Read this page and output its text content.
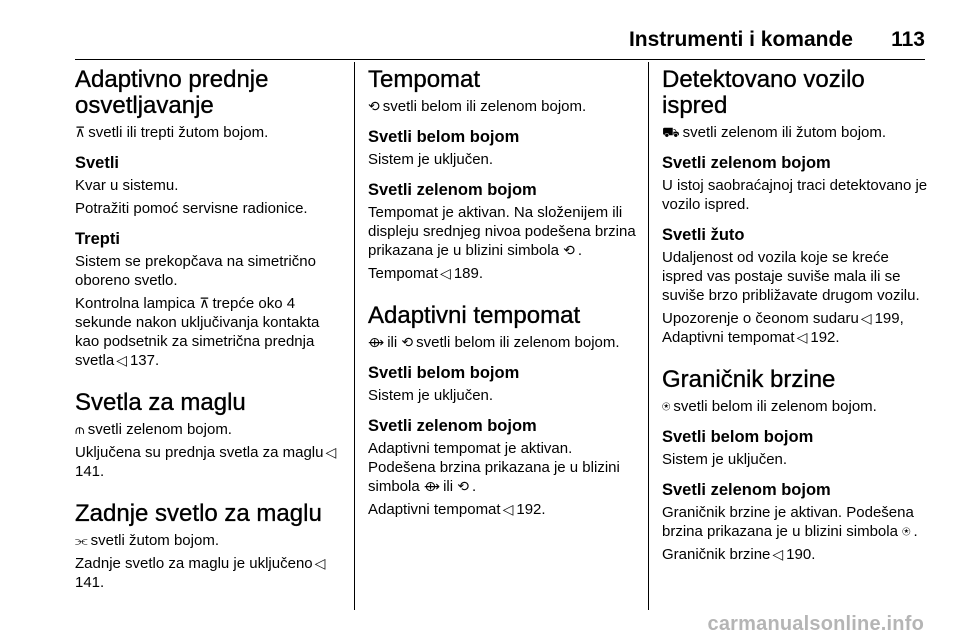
Instrumenti i komande 113
Adaptivno prednje osvetljavanje

⊼ svetli ili trepti žutom bojom.

Svetli

Kvar u sistemu.

Potražiti pomoć servisne radionice.

Trepti

Sistem se prekopčava na simetrično oboreno svetlo.

Kontrolna lampica ⊼ trepće oko 4 sekunde nakon uključivanja kontakta kao podsetnik za simetrična prednja svetla ◁ 137.

Svetla za maglu

⫙ svetli zelenom bojom.

Uključena su prednja svetla za maglu ◁141.

Zadnje svetlo za maglu

⫘ svetli žutom bojom.

Zadnje svetlo za maglu je uključeno ◁141.

Tempomat

⟲ svetli belom ili zelenom bojom.

Svetli belom bojom

Sistem je uključen.

Svetli zelenom bojom

Tempomat je aktivan. Na složenijem ili displeju srednjeg nivoa podešena brzina prikazana je u blizini simbola ⟲ .

Tempomat ◁ 189.

Adaptivni tempomat

⟴ ili ⟲ svetli belom ili zelenom bojom.

Svetli belom bojom

Sistem je uključen.

Svetli zelenom bojom

Adaptivni tempomat je aktivan. Podešena brzina prikazana je u blizini simbola ⟴ ili ⟲ .

Adaptivni tempomat ◁ 192.

Detektovano vozilo ispred

⛟ svetli zelenom ili žutom bojom.

Svetli zelenom bojom

U istoj saobraćajnoj traci detektovano je vozilo ispred.

Svetli žuto

Udaljenost od vozila koje se kreće ispred vas postaje suviše mala ili se suviše brzo približavate drugom vozilu.

Upozorenje o čeonom sudaru ◁ 199,
Adaptivni tempomat ◁ 192.

Graničnik brzine

⍟ svetli belom ili zelenom bojom.

Svetli belom bojom

Sistem je uključen.

Svetli zelenom bojom

Graničnik brzine je aktivan. Podešena brzina prikazana je u blizini simbola ⍟ .

Graničnik brzine ◁ 190.

carmanualsonline.info
